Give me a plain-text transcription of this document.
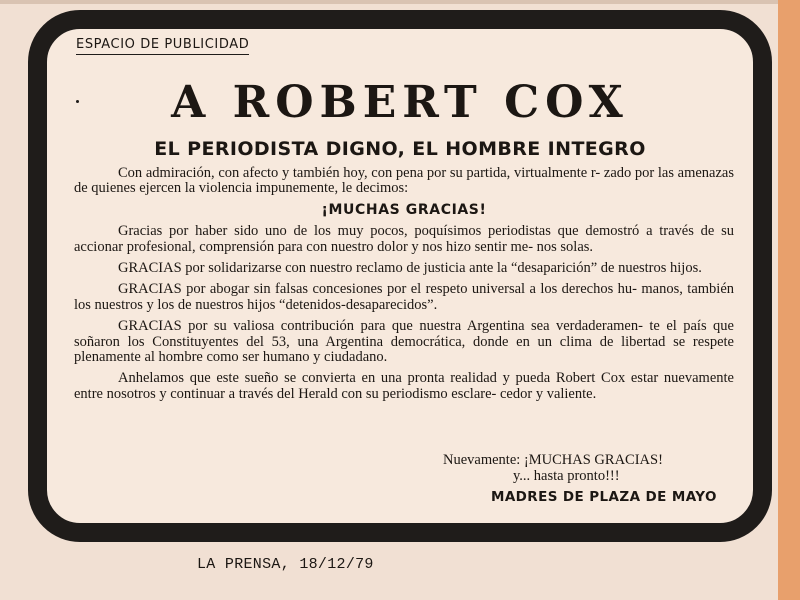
ESPACIO DE PUBLICIDAD
A ROBERT COX
EL PERIODISTA DIGNO, EL HOMBRE INTEGRO

Con admiración, con afecto y también hoy, con pena por su partida, virtualmente r- zado por las amenazas de quienes ejercen la violencia impunemente, le decimos:

¡MUCHAS GRACIAS!

Gracias por haber sido uno de los muy pocos, poquísimos periodistas que demostró a través de su accionar profesional, comprensión para con nuestro dolor y nos hizo sentir me- nos solas.

GRACIAS por solidarizarse con nuestro reclamo de justicia ante la “desaparición” de nuestros hijos.

GRACIAS por abogar sin falsas concesiones por el respeto universal a los derechos hu- manos, también los nuestros y los de nuestros hijos “detenidos-desaparecidos”.

GRACIAS por su valiosa contribución para que nuestra Argentina sea verdaderamen- te el país que soñaron los Constituyentes del 53, una Argentina democrática, donde en un clima de libertad se respete plenamente al hombre como ser humano y ciudadano.

Anhelamos que este sueño se convierta en una pronta realidad y pueda Robert Cox estar nuevamente entre nosotros y continuar a través del Herald con su periodismo esclare- cedor y valiente.

Nuevamente: ¡MUCHAS GRACIAS!
y... hasta pronto!!!
MADRES DE PLAZA DE MAYO
LA PRENSA, 18/12/79
